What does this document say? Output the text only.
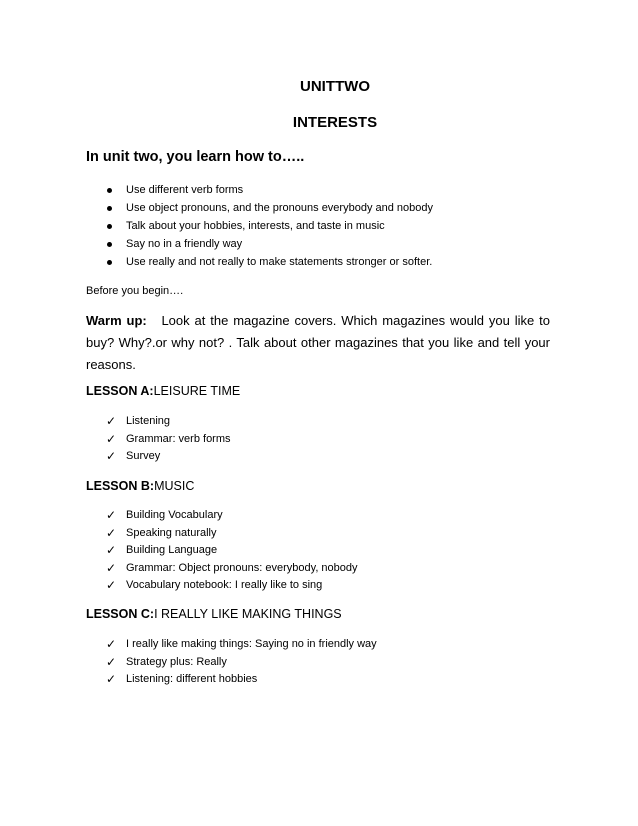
UNITTWO
INTERESTS
In unit two, you learn how to…..
Use different verb forms
Use object pronouns, and the pronouns everybody and nobody
Talk about your hobbies, interests, and taste in music
Say no in a friendly way
Use really and not really to make statements stronger or softer.
Before you begin….
Warm up: Look at the magazine covers. Which magazines would you like to buy? Why?.or why not? . Talk about other magazines that you like and tell your reasons.
LESSON A:LEISURE TIME
✓ Listening
✓ Grammar: verb forms
✓ Survey
LESSON B:MUSIC
✓ Building Vocabulary
✓ Speaking naturally
✓ Building Language
✓ Grammar: Object pronouns: everybody, nobody
✓ Vocabulary notebook: I really like to sing
LESSON C:I REALLY LIKE MAKING THINGS
✓ I really like making things: Saying no in friendly way
✓ Strategy plus: Really
✓ Listening: different hobbies
